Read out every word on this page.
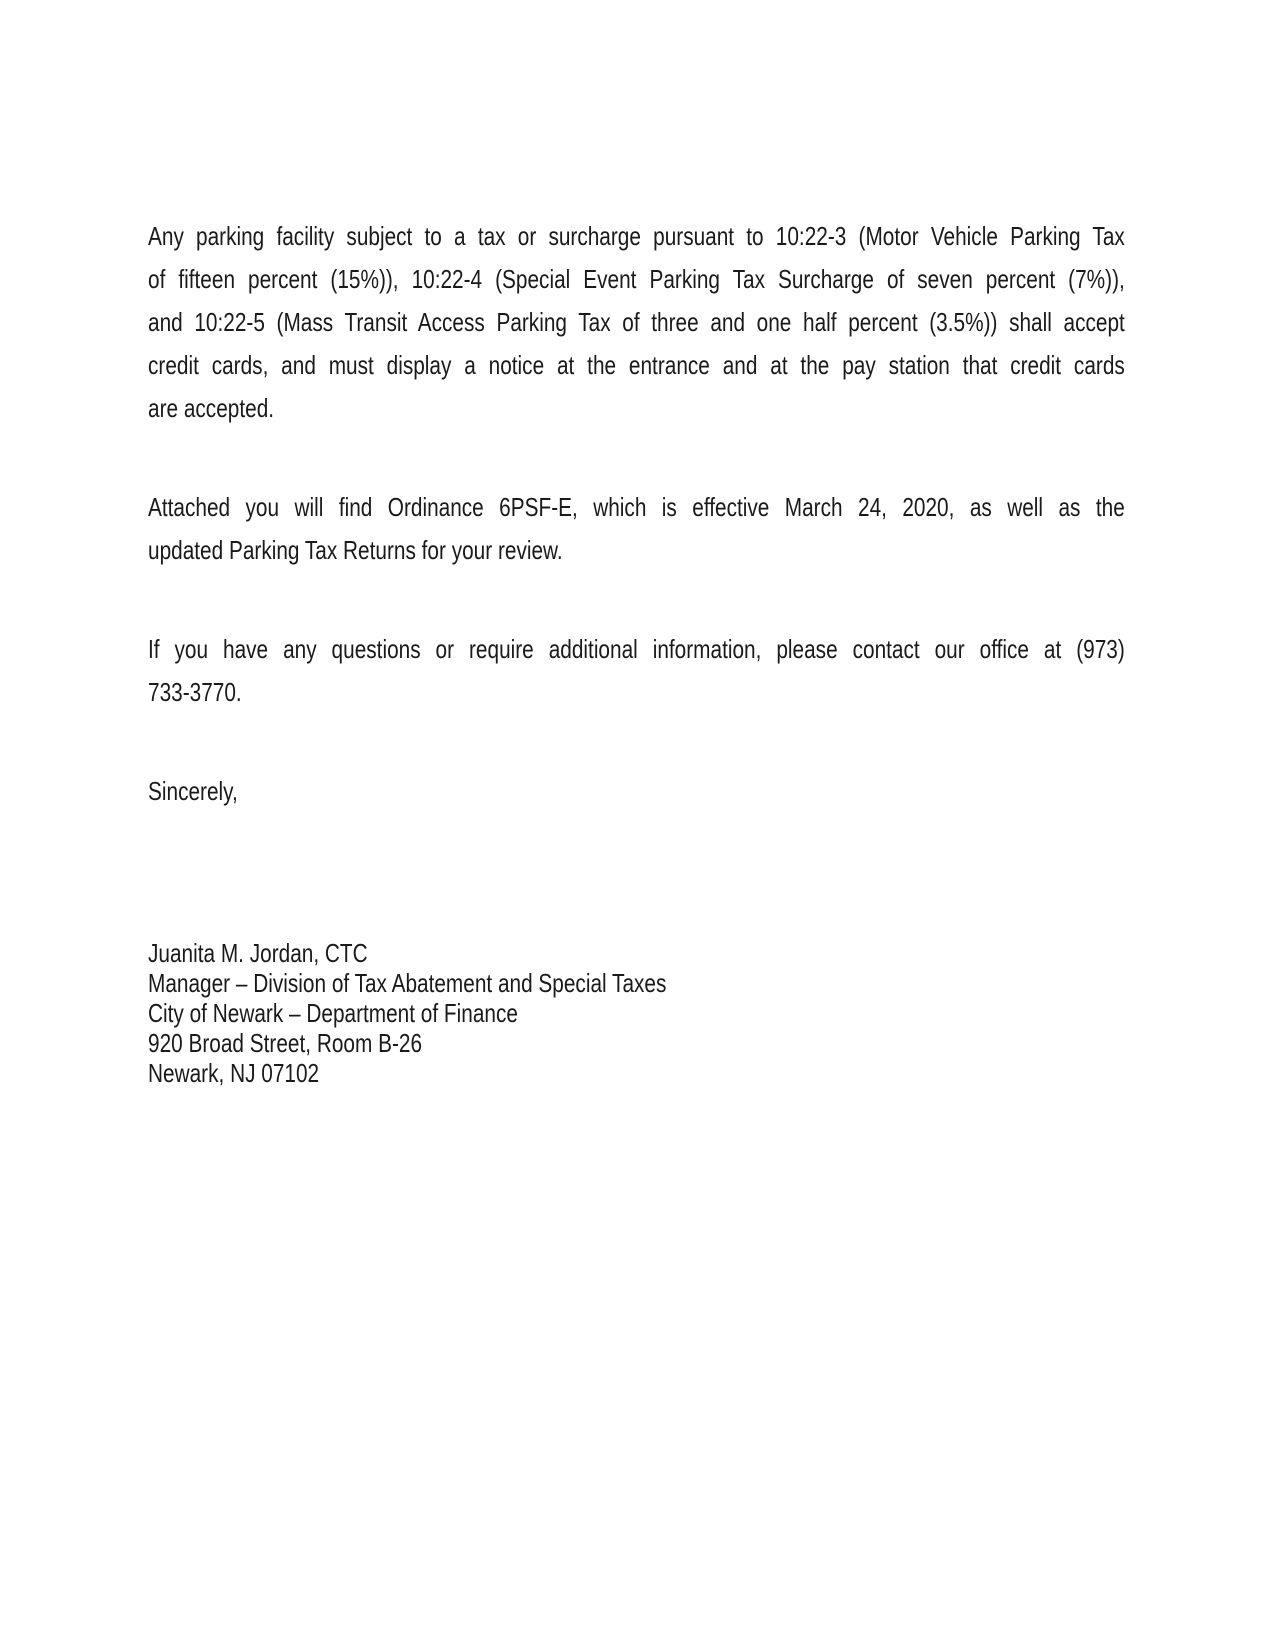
Any parking facility subject to a tax or surcharge pursuant to 10:22-3 (Motor Vehicle Parking Tax
of fifteen percent (15%)), 10:22-4 (Special Event Parking Tax Surcharge of seven percent (7%)),
and 10:22-5 (Mass Transit Access Parking Tax of three and one half percent (3.5%)) shall accept
credit cards, and must display a notice at the entrance and at the pay station that credit cards
are accepted.
Attached you will find Ordinance 6PSF-E, which is effective March 24, 2020, as well as the
updated Parking Tax Returns for your review.
If you have any questions or require additional information, please contact our office at (973)
733-3770.
Sincerely,
Juanita M. Jordan, CTC
Manager – Division of Tax Abatement and Special Taxes
City of Newark – Department of Finance
920 Broad Street, Room B-26
Newark, NJ 07102
